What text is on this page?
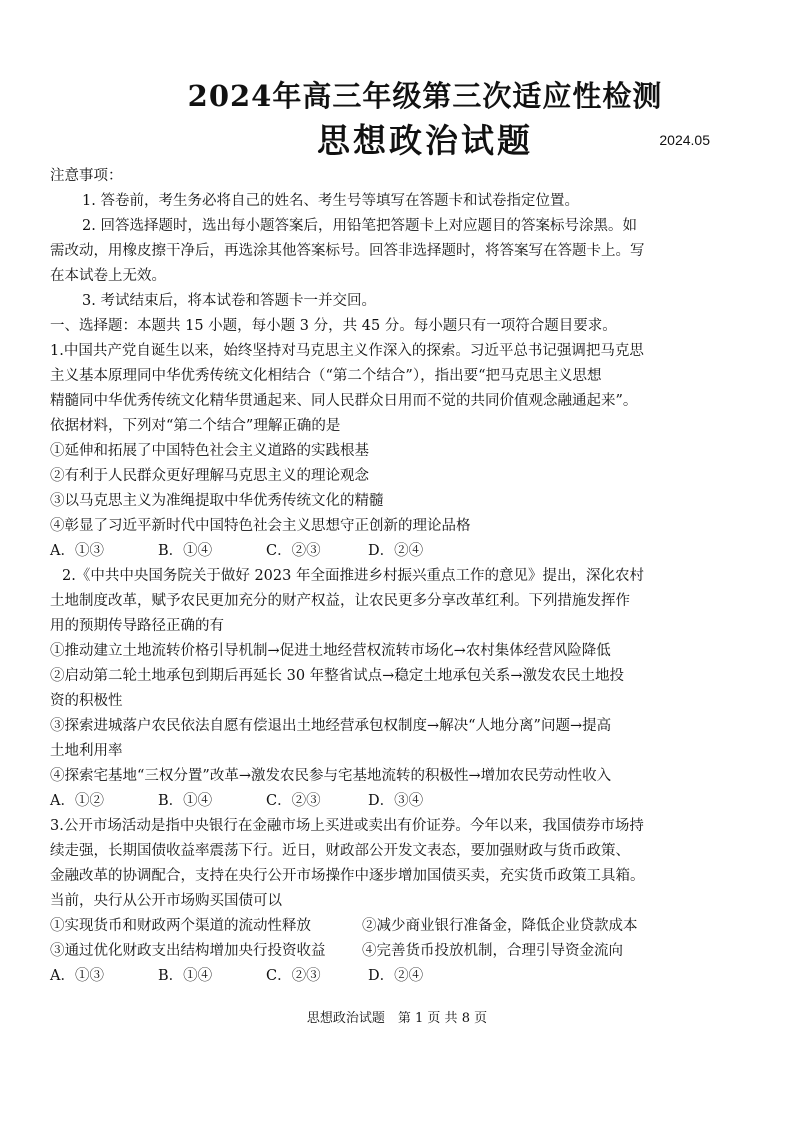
2024年高三年级第三次适应性检测
思想政治试题	2024.05
注意事项：
1. 答卷前，考生务必将自己的姓名、考生号等填写在答题卡和试卷指定位置。
2. 回答选择题时，选出每小题答案后，用铅笔把答题卡上对应题目的答案标号涂黑。如
需改动，用橡皮擦干净后，再选涂其他答案标号。回答非选择题时，将答案写在答题卡上。写
在本试卷上无效。
3. 考试结束后，将本试卷和答题卡一并交回。
一、选择题：本题共 15 小题，每小题 3 分，共 45 分。每小题只有一项符合题目要求。
1.中国共产党自诞生以来，始终坚持对马克思主义作深入的探索。习近平总书记强调把马克思
主义基本原理同中华优秀传统文化相结合（“第二个结合”），指出要“把马克思主义思想
精髓同中华优秀传统文化精华贯通起来、同人民群众日用而不觉的共同价值观念融通起来”。
依据材料，下列对“第二个结合”理解正确的是
①延伸和拓展了中国特色社会主义道路的实践根基
②有利于人民群众更好理解马克思主义的理论观念
③以马克思主义为准绳提取中华优秀传统文化的精髓
④彰显了习近平新时代中国特色社会主义思想守正创新的理论品格
A．①③	B．①④	C．②③	D．②④
2.《中共中央国务院关于做好 2023 年全面推进乡村振兴重点工作的意见》提出，深化农村
土地制度改革，赋予农民更加充分的财产权益，让农民更多分享改革红利。下列措施发挥作
用的预期传导路径正确的有
①推动建立土地流转价格引导机制→促进土地经营权流转市场化→农村集体经营风险降低
②启动第二轮土地承包到期后再延长 30 年整省试点→稳定土地承包关系→激发农民土地投
资的积极性
③探索进城落户农民依法自愿有偿退出土地经营承包权制度→解决“人地分离”问题→提高
土地利用率
④探索宅基地“三权分置”改革→激发农民参与宅基地流转的积极性→增加农民劳动性收入
A．①②	B．①④	C．②③	D．③④
3.公开市场活动是指中央银行在金融市场上买进或卖出有价证券。今年以来，我国债券市场持
续走强，长期国债收益率震荡下行。近日，财政部公开发文表态，要加强财政与货币政策、
金融改革的协调配合，支持在央行公开市场操作中逐步增加国债买卖，充实货币政策工具箱。
当前，央行从公开市场购买国债可以
①实现货币和财政两个渠道的流动性释放	②减少商业银行准备金，降低企业贷款成本
③通过优化财政支出结构增加央行投资收益	④完善货币投放机制，合理引导资金流向
A．①③	B．①④	C．②③	D．②④
思想政治试题　第 1 页 共 8 页
